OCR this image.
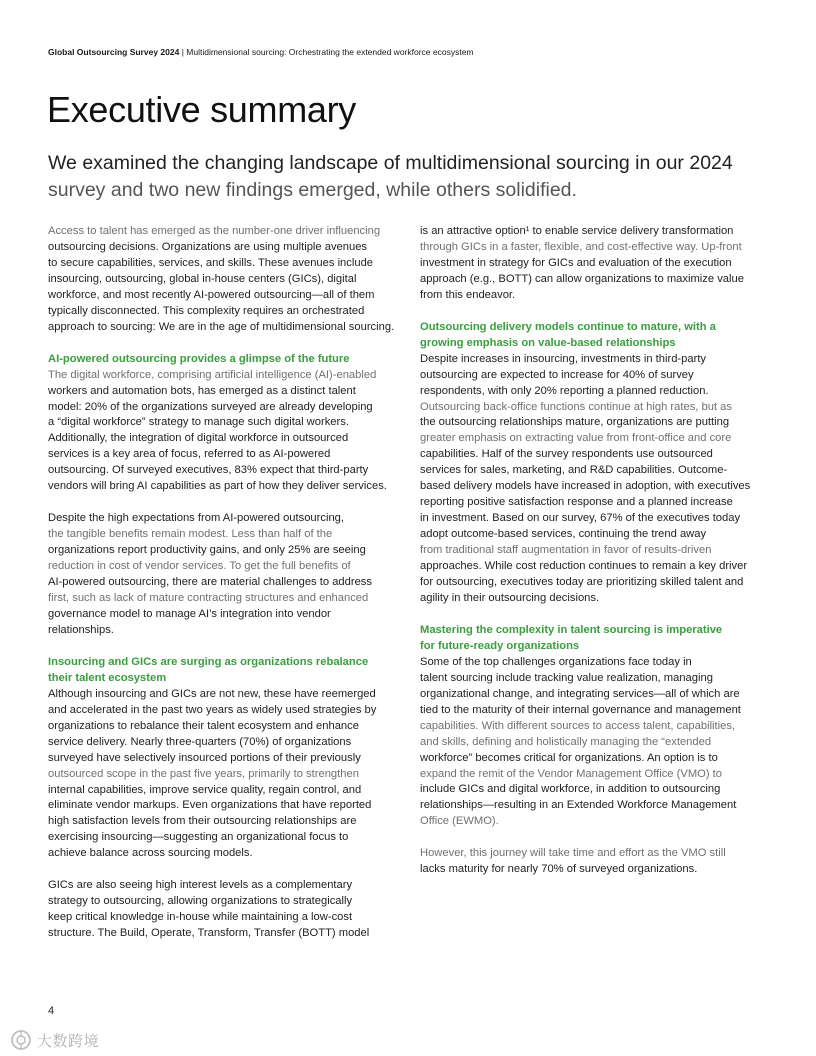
Global Outsourcing Survey 2024 | Multidimensional sourcing: Orchestrating the extended workforce ecosystem
Executive summary
We examined the changing landscape of multidimensional sourcing in our 2024
survey and two new findings emerged, while others solidified.
Access to talent has emerged as the number-one driver influencing
outsourcing decisions. Organizations are using multiple avenues
to secure capabilities, services, and skills. These avenues include
insourcing, outsourcing, global in-house centers (GICs), digital
workforce, and most recently AI-powered outsourcing—all of them
typically disconnected. This complexity requires an orchestrated
approach to sourcing: We are in the age of multidimensional sourcing.
AI-powered outsourcing provides a glimpse of the future
The digital workforce, comprising artificial intelligence (AI)-enabled
workers and automation bots, has emerged as a distinct talent
model: 20% of the organizations surveyed are already developing
a “digital workforce” strategy to manage such digital workers.
Additionally, the integration of digital workforce in outsourced
services is a key area of focus, referred to as AI-powered
outsourcing. Of surveyed executives, 83% expect that third-party
vendors will bring AI capabilities as part of how they deliver services.
Despite the high expectations from AI-powered outsourcing,
the tangible benefits remain modest. Less than half of the
organizations report productivity gains, and only 25% are seeing
reduction in cost of vendor services. To get the full benefits of
AI-powered outsourcing, there are material challenges to address
first, such as lack of mature contracting structures and enhanced
governance model to manage AI’s integration into vendor
relationships.
Insourcing and GICs are surging as organizations rebalance
their talent ecosystem
Although insourcing and GICs are not new, these have reemerged
and accelerated in the past two years as widely used strategies by
organizations to rebalance their talent ecosystem and enhance
service delivery. Nearly three-quarters (70%) of organizations
surveyed have selectively insourced portions of their previously
outsourced scope in the past five years, primarily to strengthen
internal capabilities, improve service quality, regain control, and
eliminate vendor markups. Even organizations that have reported
high satisfaction levels from their outsourcing relationships are
exercising insourcing—suggesting an organizational focus to
achieve balance across sourcing models.
GICs are also seeing high interest levels as a complementary
strategy to outsourcing, allowing organizations to strategically
keep critical knowledge in-house while maintaining a low-cost
structure. The Build, Operate, Transform, Transfer (BOTT) model
is an attractive option¹ to enable service delivery transformation
through GICs in a faster, flexible, and cost-effective way. Up-front
investment in strategy for GICs and evaluation of the execution
approach (e.g., BOTT) can allow organizations to maximize value
from this endeavor.
Outsourcing delivery models continue to mature, with a
growing emphasis on value-based relationships
Despite increases in insourcing, investments in third-party
outsourcing are expected to increase for 40% of survey
respondents, with only 20% reporting a planned reduction.
Outsourcing back-office functions continue at high rates, but as
the outsourcing relationships mature, organizations are putting
greater emphasis on extracting value from front-office and core
capabilities. Half of the survey respondents use outsourced
services for sales, marketing, and R&D capabilities. Outcome-
based delivery models have increased in adoption, with executives
reporting positive satisfaction response and a planned increase
in investment. Based on our survey, 67% of the executives today
adopt outcome-based services, continuing the trend away
from traditional staff augmentation in favor of results-driven
approaches. While cost reduction continues to remain a key driver
for outsourcing, executives today are prioritizing skilled talent and
agility in their outsourcing decisions.
Mastering the complexity in talent sourcing is imperative
for future-ready organizations
Some of the top challenges organizations face today in
talent sourcing include tracking value realization, managing
organizational change, and integrating services—all of which are
tied to the maturity of their internal governance and management
capabilities. With different sources to access talent, capabilities,
and skills, defining and holistically managing the “extended
workforce” becomes critical for organizations. An option is to
expand the remit of the Vendor Management Office (VMO) to
include GICs and digital workforce, in addition to outsourcing
relationships—resulting in an Extended Workforce Management
Office (EWMO).
However, this journey will take time and effort as the VMO still
lacks maturity for nearly 70% of surveyed organizations.
4
大数跨境
